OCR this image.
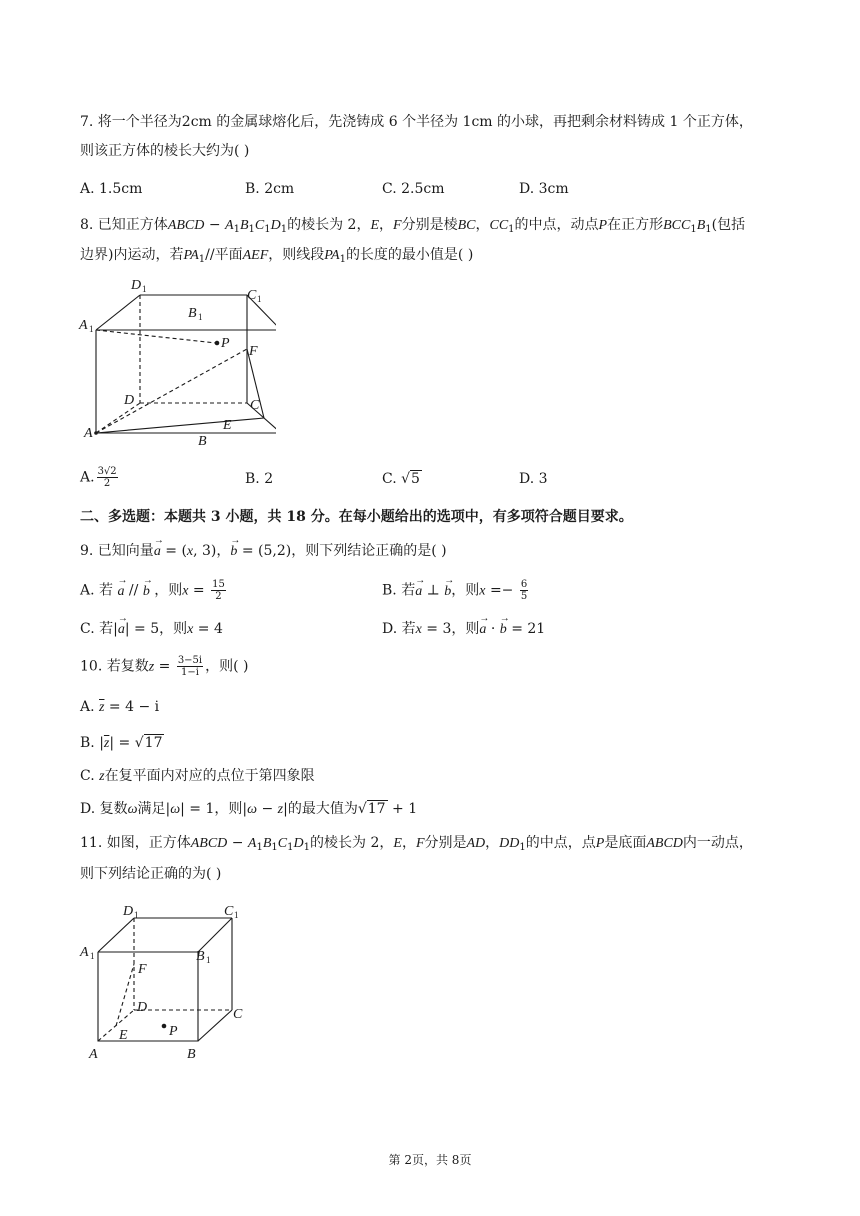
7. 将一个半径为2cm 的金属球熔化后，先浇铸成 6 个半径为 1cm 的小球，再把剩余材料铸成 1 个正方体，
则该正方体的棱长大约为( )
A. 1.5cm	B. 2cm	C. 2.5cm	D. 3cm
8. 已知正方体ABCD − $A_1B_1C_1D_1$的棱长为 2，E，F分别是棱BC，$CC_1$的中点，动点P在正方形$BCC_1B_1$(包括
边界)内运动，若$PA_1//$平面AEF，则线段$PA_1$的长度的最小值是( )
D 1	C 1
A 1
B 1
P
F
D	C
A
E
B
A. $\frac{3√2}{2}$	B. 2	C. √5	D. 3
二、多选题：本题共 3 小题，共 18 分。在每小题给出的选项中，有多项符合题目要求。
9. 已知向量→ a = (x, 3)，→ b = (5,2)，则下列结论正确的是( )
A. 若 → a // → b ，则$x = \frac{15}{2}$	B. 若→ a ⊥ → b，则$x =- \frac{6}{5}$
C. 若|→ a| = 5，则x = 4	D. 若x = 3，则→ a · → b = 21
10. 若复数$z = \frac{3-5i}{1-i}$ ，则( )
A. $\overline{z} = 4 - i$
B. $|\overline{z}| = √17$
C. z在复平面内对应的点位于第四象限
D. 复数ω满足|ω| = 1，则|ω − z|的最大值为√17 + 1
11. 如图，正方体ABCD − $A_1B_1C_1D_1$的棱长为 2，E，F分别是AD，$DD_1$的中点，点P是底面ABCD内一动点，
则下列结论正确的为( )
D 1	C 1
A 1	B 1
F
D	C
E	P
A	B
第 2页，共 8页
